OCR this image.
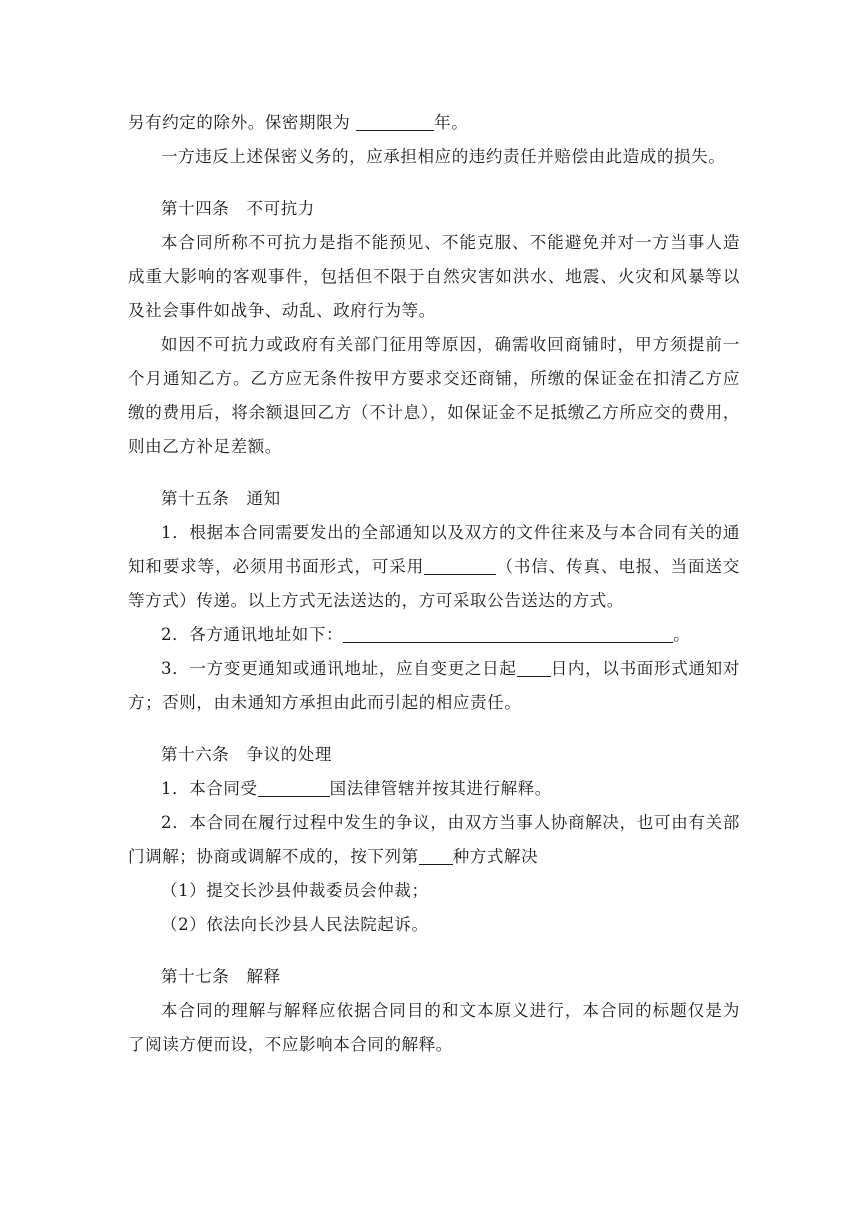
另有约定的除外。保密期限为	年。

一方违反上述保密义务的，应承担相应的违约责任并赔偿由此造成的损失。

第十四条　不可抗力

本合同所称不可抗力是指不能预见、不能克服、不能避免并对一方当事人造成重大影响的客观事件，包括但不限于自然灾害如洪水、地震、火灾和风暴等以及社会事件如战争、动乱、政府行为等。

如因不可抗力或政府有关部门征用等原因，确需收回商铺时，甲方须提前一个月通知乙方。乙方应无条件按甲方要求交还商铺，所缴的保证金在扣清乙方应缴的费用后，将余额退回乙方（不计息），如保证金不足抵缴乙方所应交的费用，则由乙方补足差额。

第十五条　通知

1．根据本合同需要发出的全部通知以及双方的文件往来及与本合同有关的通知和要求等，必须用书面形式，可采用	（书信、传真、电报、当面送交等方式）传递。以上方式无法送达的，方可采取公告送达的方式。

2．各方通讯地址如下：	。

3．一方变更通知或通讯地址，应自变更之日起 日内，以书面形式通知对方；否则，由未通知方承担由此而引起的相应责任。

第十六条　争议的处理

1．本合同受	国法律管辖并按其进行解释。

2．本合同在履行过程中发生的争议，由双方当事人协商解决，也可由有关部门调解；协商或调解不成的，按下列第 种方式解决

（1）提交长沙县仲裁委员会仲裁；

（2）依法向长沙县人民法院起诉。

第十七条　解释

本合同的理解与解释应依据合同目的和文本原义进行，本合同的标题仅是为了阅读方便而设，不应影响本合同的解释。
